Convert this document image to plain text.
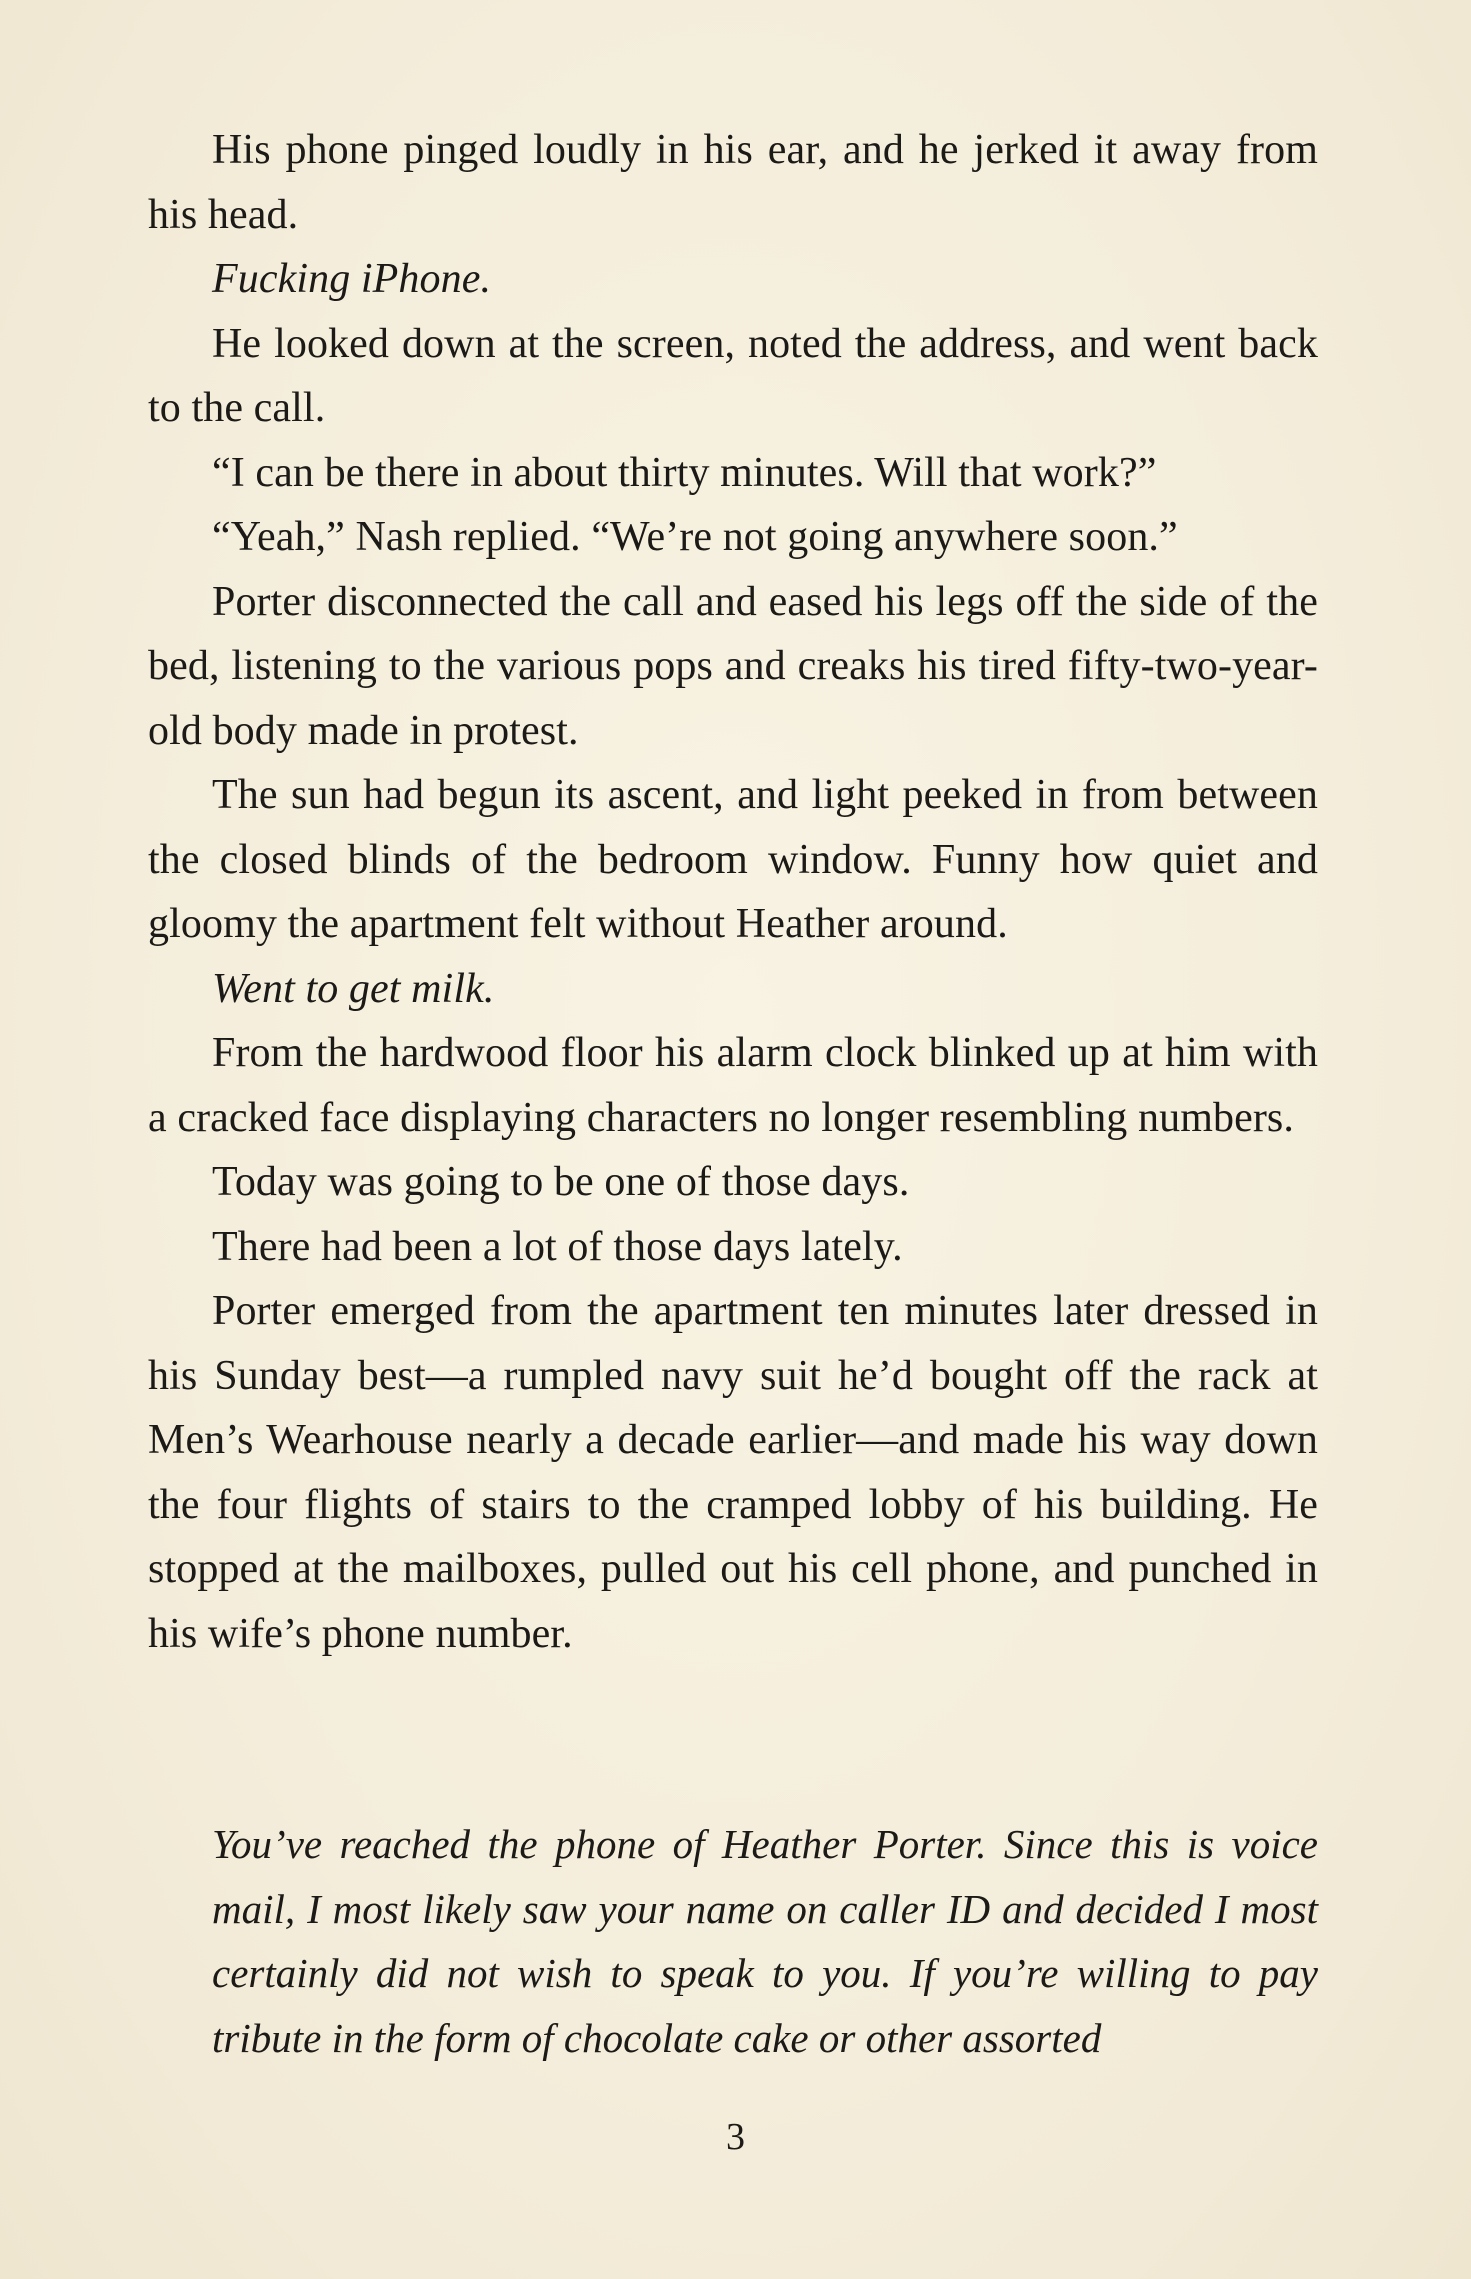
His phone pinged loudly in his ear, and he jerked it away from his head.

Fucking iPhone.

He looked down at the screen, noted the address, and went back to the call.

“I can be there in about thirty minutes. Will that work?”

“Yeah,” Nash replied. “We’re not going anywhere soon.”

Porter disconnected the call and eased his legs off the side of the bed, listening to the various pops and creaks his tired fifty-two-year-old body made in protest.

The sun had begun its ascent, and light peeked in from between the closed blinds of the bedroom window. Funny how quiet and gloomy the apartment felt without Heather around.

Went to get milk.

From the hardwood floor his alarm clock blinked up at him with a cracked face displaying characters no longer resembling numbers.

Today was going to be one of those days.

There had been a lot of those days lately.

Porter emerged from the apartment ten minutes later dressed in his Sunday best—a rumpled navy suit he’d bought off the rack at Men’s Wearhouse nearly a decade earlier—and made his way down the four flights of stairs to the cramped lobby of his building. He stopped at the mailboxes, pulled out his cell phone, and punched in his wife’s phone number.

You’ve reached the phone of Heather Porter. Since this is voice mail, I most likely saw your name on caller ID and decided I most certainly did not wish to speak to you. If you’re willing to pay tribute in the form of chocolate cake or other assorted

3
